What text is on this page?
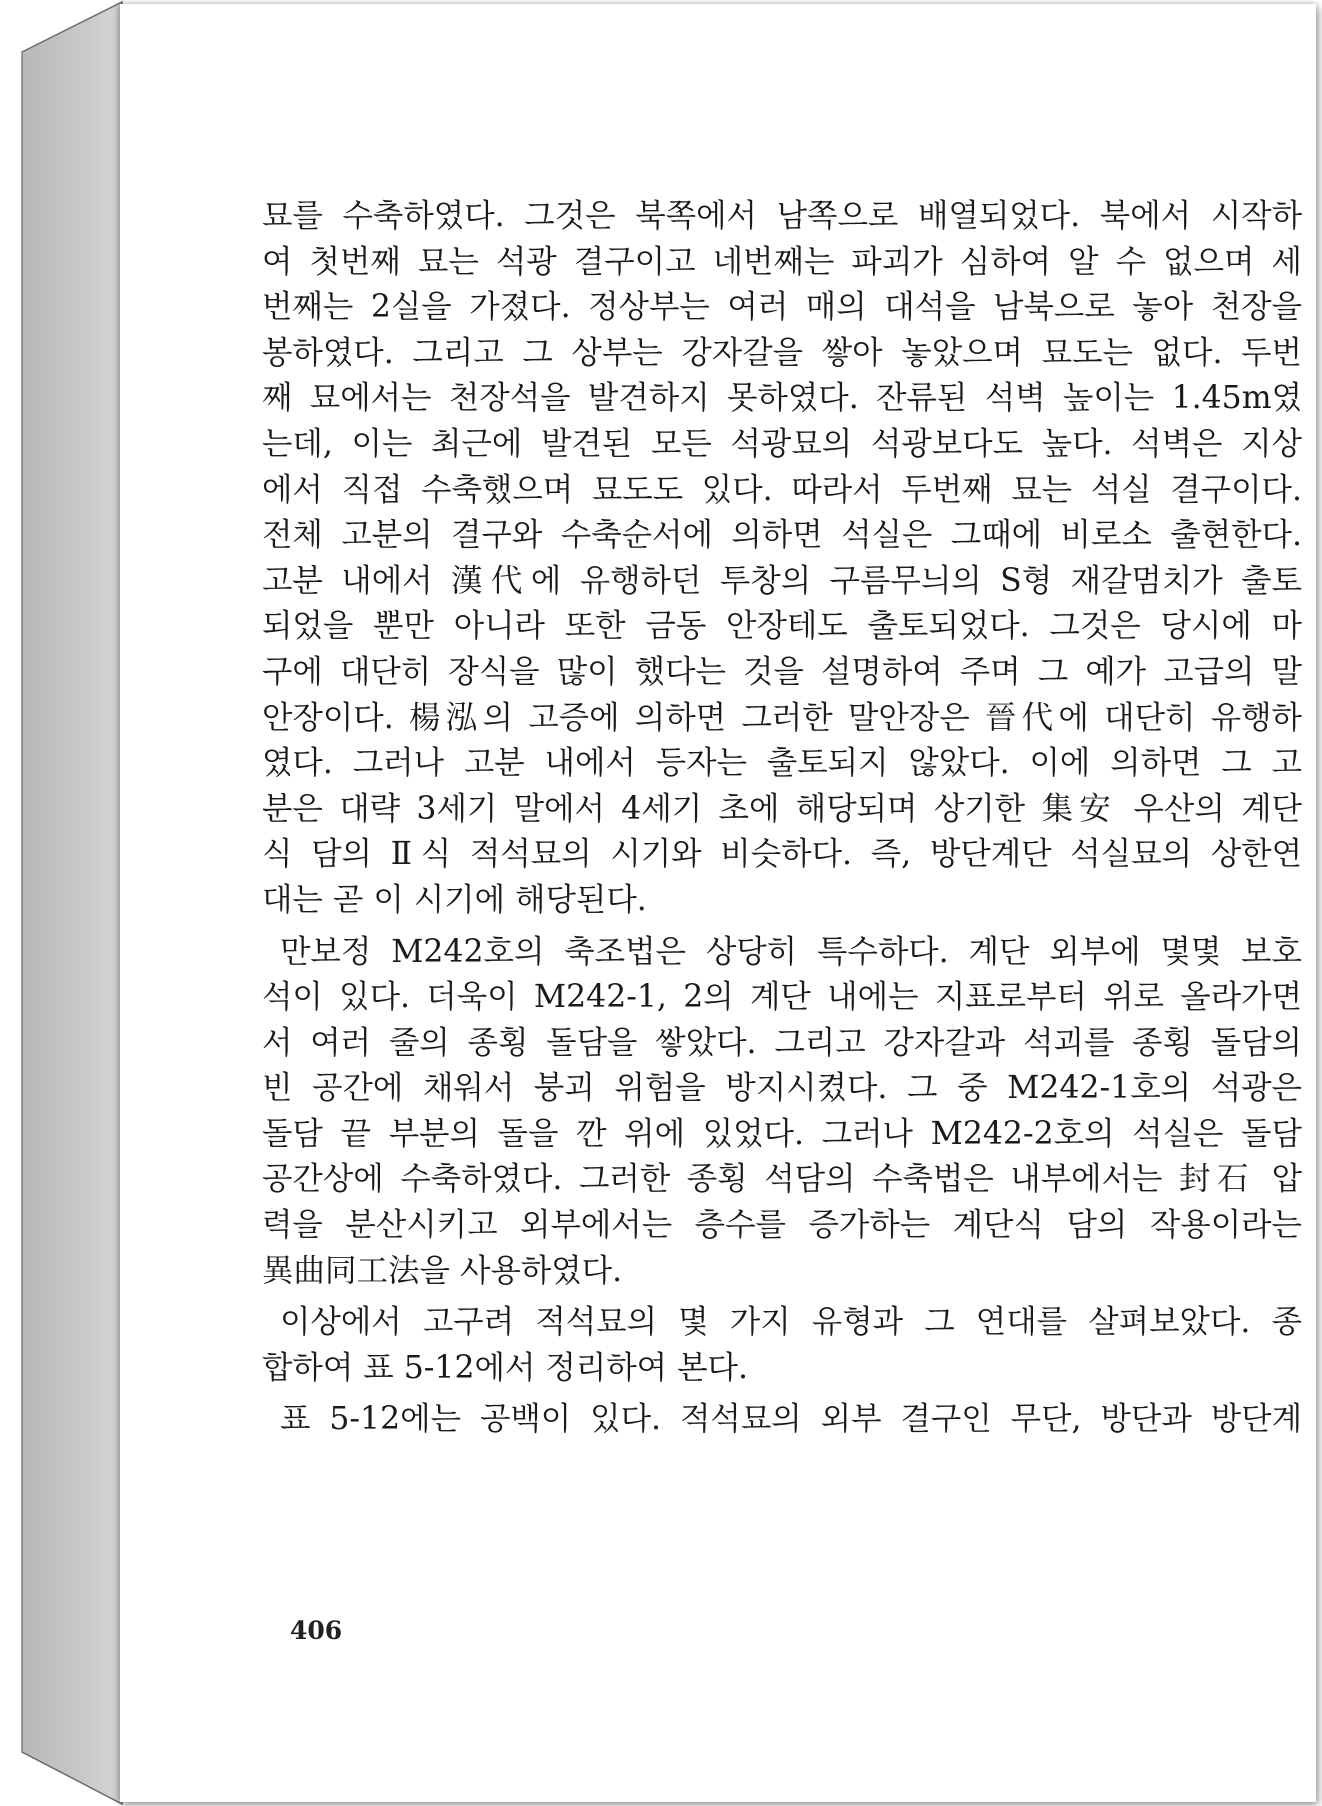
묘를 수축하였다. 그것은 북쪽에서 남쪽으로 배열되었다. 북에서 시작하
여 첫번째 묘는 석광 결구이고 네번째는 파괴가 심하여 알 수 없으며 세
번째는 2실을 가졌다. 정상부는 여러 매의 대석을 남북으로 놓아 천장을
봉하였다. 그리고 그 상부는 강자갈을 쌓아 놓았으며 묘도는 없다. 두번
째 묘에서는 천장석을 발견하지 못하였다. 잔류된 석벽 높이는 1.45m였
는데, 이는 최근에 발견된 모든 석광묘의 석광보다도 높다. 석벽은 지상
에서 직접 수축했으며 묘도도 있다. 따라서 두번째 묘는 석실 결구이다.
전체 고분의 결구와 수축순서에 의하면 석실은 그때에 비로소 출현한다.
고분 내에서 漢代에 유행하던 투창의 구름무늬의 S형 재갈멈치가 출토
되었을 뿐만 아니라 또한 금동 안장테도 출토되었다. 그것은 당시에 마
구에 대단히 장식을 많이 했다는 것을 설명하여 주며 그 예가 고급의 말
안장이다. 楊泓의 고증에 의하면 그러한 말안장은 晉代에 대단히 유행하
였다. 그러나 고분 내에서 등자는 출토되지 않았다. 이에 의하면 그 고
분은 대략 3세기 말에서 4세기 초에 해당되며 상기한 集安 우산의 계단
식 담의 Ⅱ식 적석묘의 시기와 비슷하다. 즉, 방단계단 석실묘의 상한연
대는 곧 이 시기에 해당된다.
만보정 M242호의 축조법은 상당히 특수하다. 계단 외부에 몇몇 보호
석이 있다. 더욱이 M242-1, 2의 계단 내에는 지표로부터 위로 올라가면
서 여러 줄의 종횡 돌담을 쌓았다. 그리고 강자갈과 석괴를 종횡 돌담의
빈 공간에 채워서 붕괴 위험을 방지시켰다. 그 중 M242-1호의 석광은
돌담 끝 부분의 돌을 깐 위에 있었다. 그러나 M242-2호의 석실은 돌담
공간상에 수축하였다. 그러한 종횡 석담의 수축법은 내부에서는 封石 압
력을 분산시키고 외부에서는 층수를 증가하는 계단식 담의 작용이라는
異曲同工法을 사용하였다.
이상에서 고구려 적석묘의 몇 가지 유형과 그 연대를 살펴보았다. 종
합하여 표 5-12에서 정리하여 본다.
표 5-12에는 공백이 있다. 적석묘의 외부 결구인 무단, 방단과 방단계
406
